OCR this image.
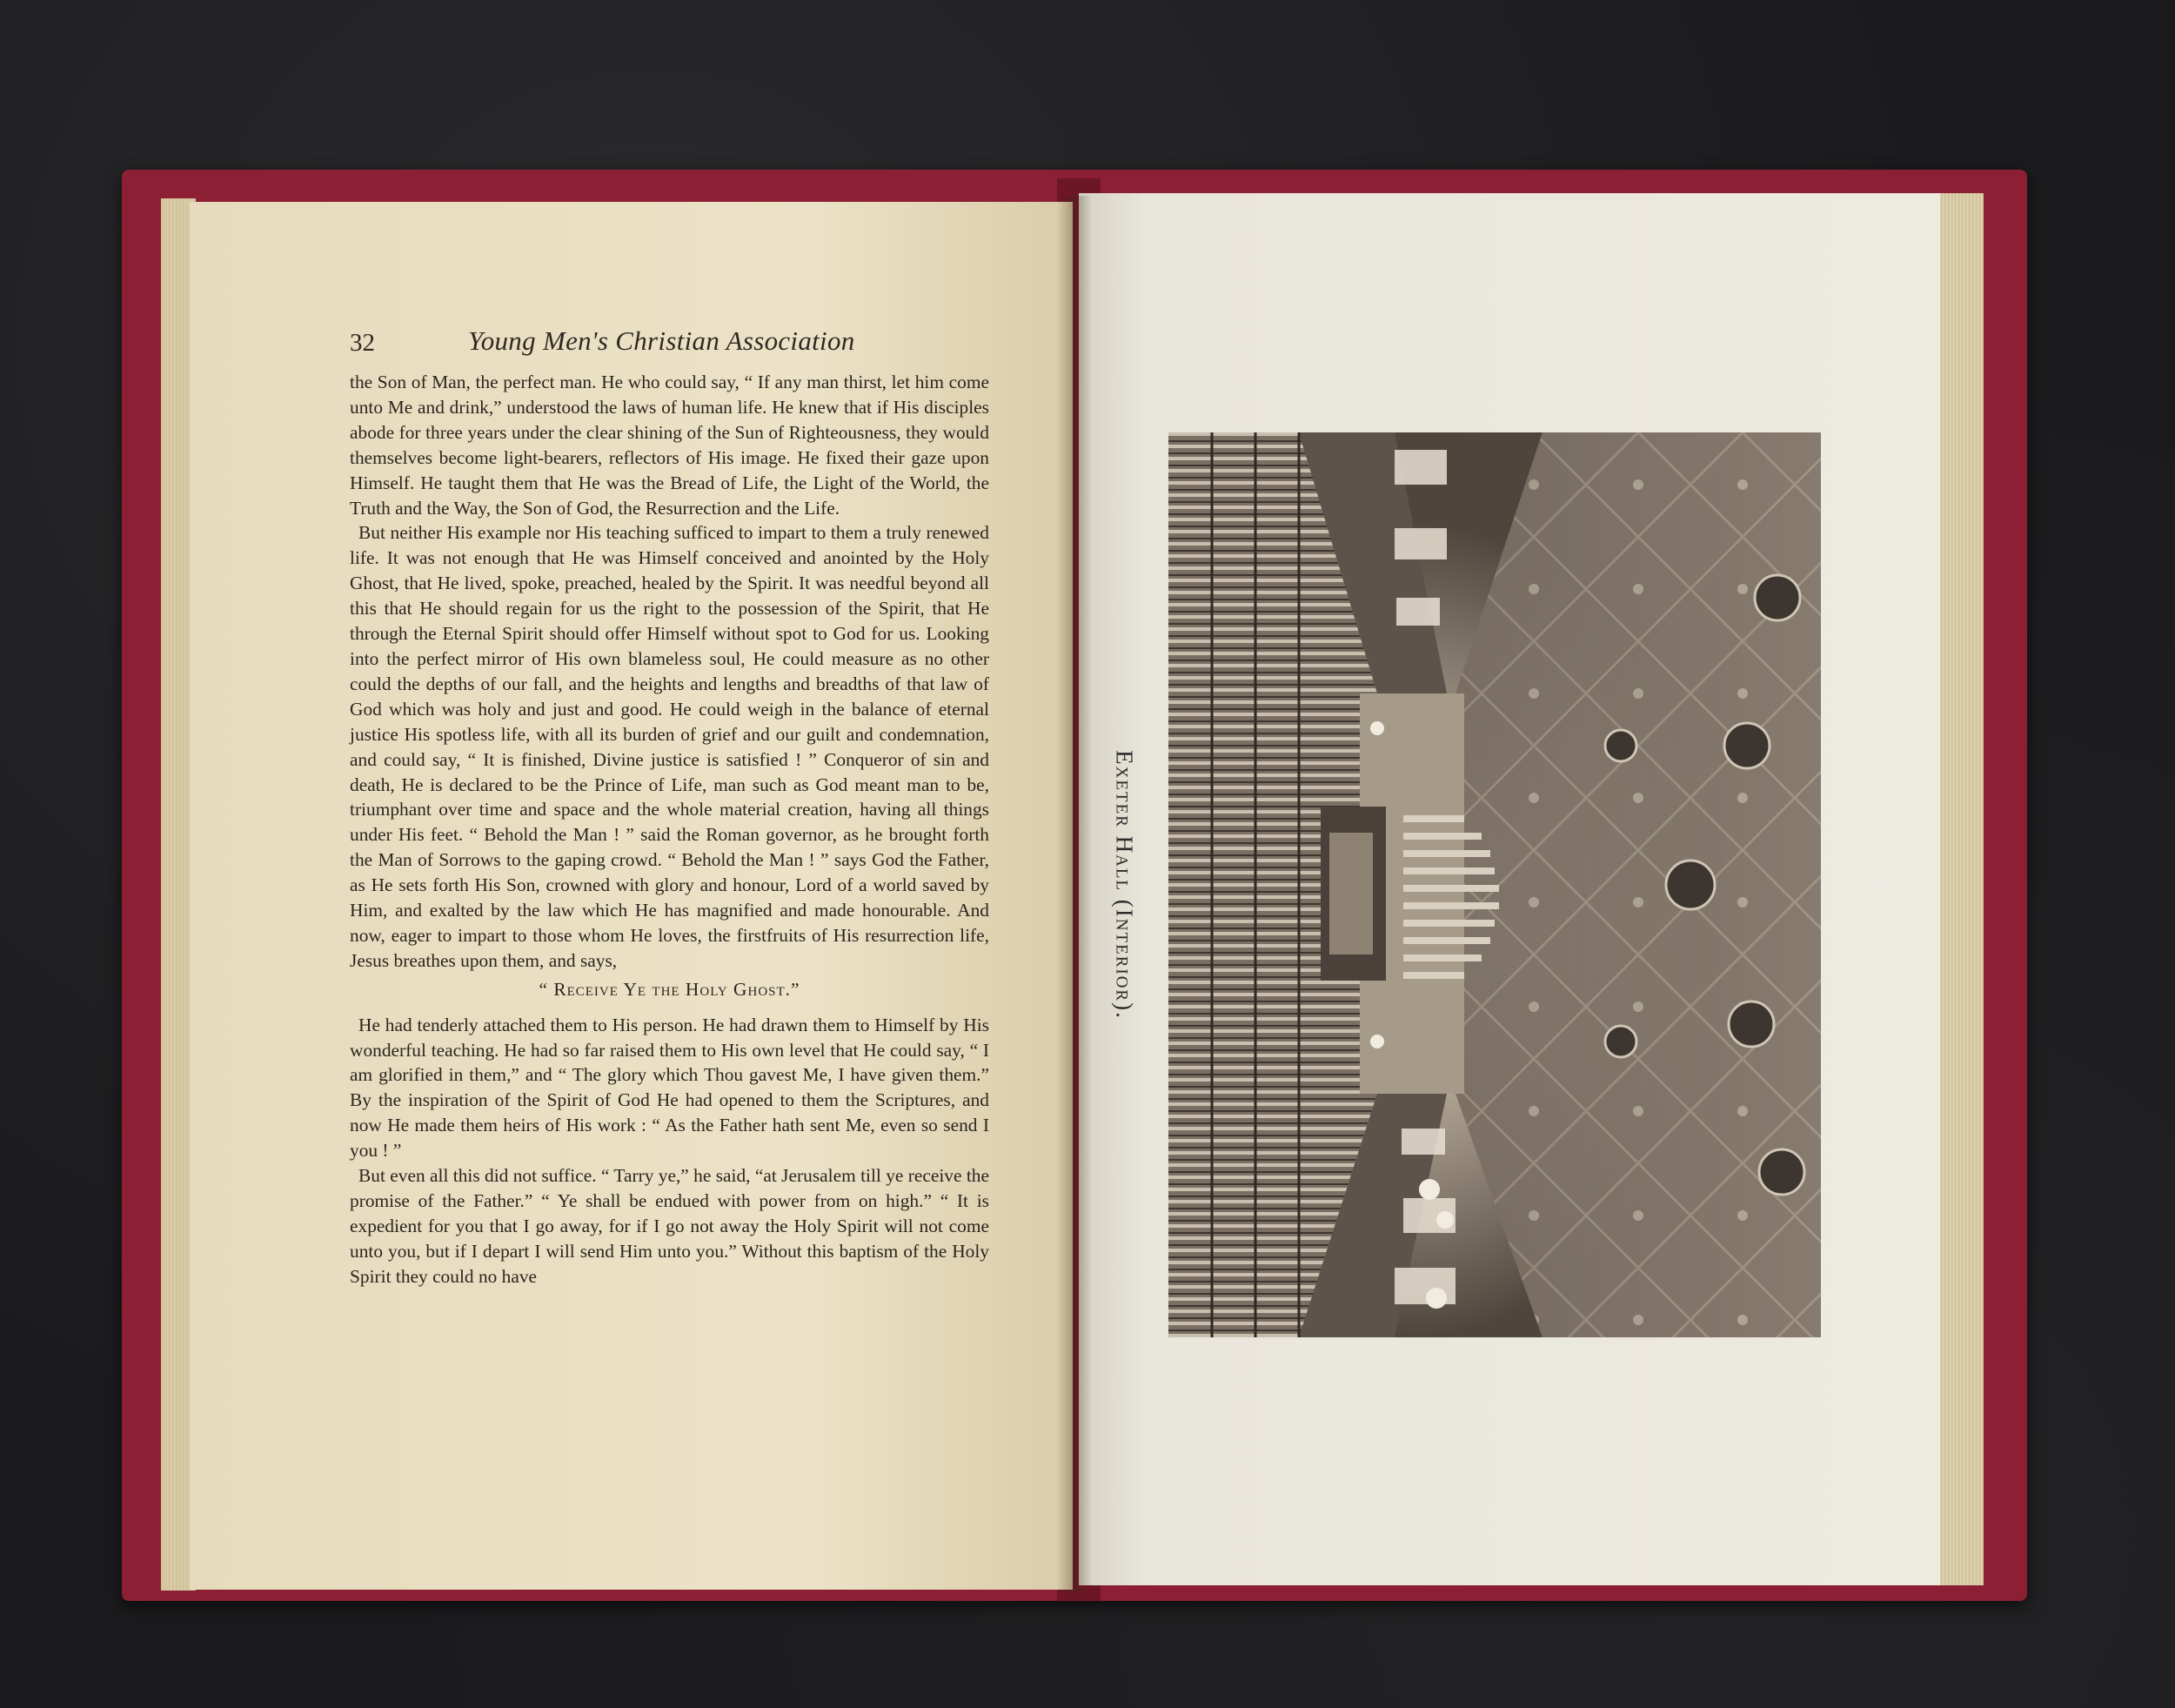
32	Young Men's Christian Association

the Son of Man, the perfect man. He who could say, “ If any man thirst, let him come unto Me and drink,” understood the laws of human life. He knew that if His disciples abode for three years under the clear shining of the Sun of Righteousness, they would themselves become light-bearers, reflectors of His image. He fixed their gaze upon Himself. He taught them that He was the Bread of Life, the Light of the World, the Truth and the Way, the Son of God, the Resurrection and the Life.

But neither His example nor His teaching sufficed to impart to them a truly renewed life. It was not enough that He was Himself conceived and anointed by the Holy Ghost, that He lived, spoke, preached, healed by the Spirit. It was needful beyond all this that He should regain for us the right to the possession of the Spirit, that He through the Eternal Spirit should offer Himself without spot to God for us. Looking into the perfect mirror of His own blameless soul, He could measure as no other could the depths of our fall, and the heights and lengths and breadths of that law of God which was holy and just and good. He could weigh in the balance of eternal justice His spotless life, with all its burden of grief and our guilt and condemnation, and could say, “ It is finished, Divine justice is satisfied ! ” Conqueror of sin and death, He is declared to be the Prince of Life, man such as God meant man to be, triumphant over time and space and the whole material creation, having all things under His feet. “ Behold the Man ! ” said the Roman governor, as he brought forth the Man of Sorrows to the gaping crowd. “ Behold the Man ! ” says God the Father, as He sets forth His Son, crowned with glory and honour, Lord of a world saved by Him, and exalted by the law which He has magnified and made honourable. And now, eager to impart to those whom He loves, the firstfruits of His resurrection life, Jesus breathes upon them, and says,

“ Receive Ye the Holy Ghost.”

He had tenderly attached them to His person. He had drawn them to Himself by His wonderful teaching. He had so far raised them to His own level that He could say, “ I am glorified in them,” and “ The glory which Thou gavest Me, I have given them.” By the inspiration of the Spirit of God He had opened to them the Scriptures, and now He made them heirs of His work : “ As the Father hath sent Me, even so send I you ! ”

But even all this did not suffice. “ Tarry ye,” he said, “at Jerusalem till ye receive the promise of the Father.” “ Ye shall be endued with power from on high.” “ It is expedient for you that I go away, for if I go not away the Holy Spirit will not come unto you, but if I depart I will send Him unto you.” Without this baptism of the Holy Spirit they could no have

Exeter Hall (Interior).
